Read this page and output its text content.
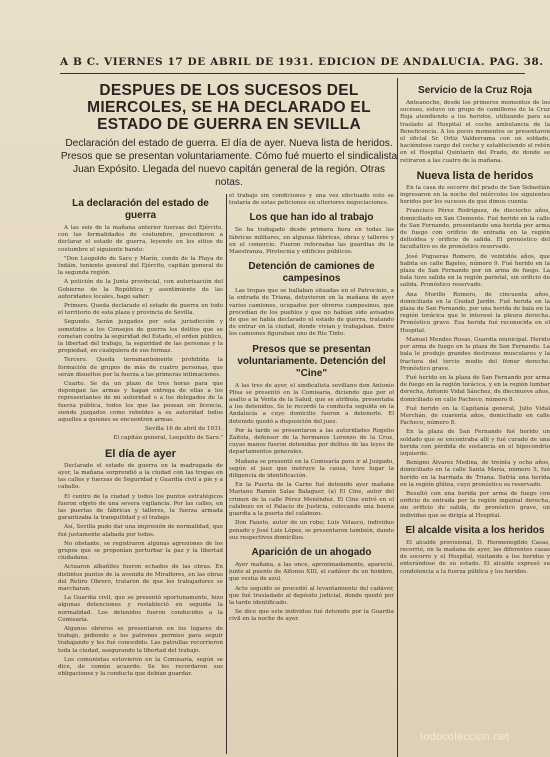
A B C. VIERNES 17 DE ABRIL DE 1931. EDICION DE ANDALUCIA. PAG. 38.
DESPUES DE LOS SUCESOS DEL MIERCOLES, SE HA DECLARADO EL ESTADO DE GUERRA EN SEVILLA
Declaración del estado de guerra. El día de ayer. Nueva lista de heridos. Presos que se presentan voluntariamente. Cómo fué muerto el sindicalista Juan Expósito. Llegada del nuevo capitán general de la región. Otras notas.
La declaración del estado de guerra

A las seis de la mañana anterior fuerzas del Ejército, con las formalidades de costumbre, procedieron a declarar el estado de guerra, leyendo en los sitios de costumbre el siguiente bando:

"Don Leopoldo de Saro y Marín, conde de la Playa de Ixdáin, teniente general del Ejército, capitán general de la segunda región.

A petición de la Junta provincial, con autorización del Gobierno de la República y asentimiento de las autoridades locales, hago saber:

Primero. Queda declarado el estado de guerra en todo el territorio de esta plaza y provincia de Sevilla.

Segundo. Serán juzgados por esta jurisdicción y sometidos a los Consejos de guerra los delitos que se cometan contra la seguridad del Estado, el orden público, la libertad del trabajo, la seguridad de las personas y la propiedad, en cualquiera de sus formas.

Tercero. Queda terminantemente prohibida la formación de grupos de más de cuatro personas, que serán disueltos por la fuerza a las primeras intimaciones.

Cuarto. Se da un plazo de tres horas para que depongan las armas y hagan entrega de ellas a los representantes de mi autoridad o a los delegados de la fuerza pública, todos los que las posean sin licencia, siendo juzgados como rebeldes a su autoridad todos aquellos a quienes se encuentren armas.

Sevilla 16 de abril de 1931.

El capitán general, Leopoldo de Saro."

El día de ayer

Declarado el estado de guerra en la madrugada de ayer, la mañana sorprendió a la ciudad con las tropas en las calles y fuerzas de Seguridad y Guardia civil a pie y a caballo.

El centro de la ciudad y todos los puntos estratégicos fueron objeto de una severa vigilancia. Por las calles, en las puertas de fábricas y talleres, la fuerza armada garantizaba la tranquilidad y el trabajo.

Así, Sevilla pudo dar una impresión de normalidad, que fué justamente alabada por todos.

No obstante, se registraron algunas agresiones de los grupos que se proponían perturbar la paz y la libertad ciudadana.

Actuaron albañiles fueron echados de las obras. En distintos puntos de la avenida de Miraflores, en las obras del Retiro Obrero, trataron de que los trabajadores se marcharan.

La Guardia civil, que se presentó oportunamente, hizo algunas detenciones y restableció en seguida la normalidad. Los detenidos fueron conducidos a la Comisaría.

Algunos obreros se presentaron en los lugares de trabajo, pidiendo a los patronos permiso para seguir trabajando y les fué concedido. Las patrullas recorrieron toda la ciudad, asegurando la libertad del trabajo.

Los comunistas estuvieron en la Comisaría, según se dice, de común acuerdo. Se les recordaron sus obligaciones y la conducta que debían guardar.

el trabajo sin condiciones y una vez efectuado esto se trataría de estas peticiones en ulteriores negociaciones.

Los que han ido al trabajo

Se ha trabajado desde primera hora en todas las fábricas militares, en algunas fábricas, obras y talleres y en el comercio. Fueron reforzadas las guardias de la Maestranza, Pirotecnia y edificios públicos.

Detención de camiones de campesinos

Las tropas que se hallaban situadas en el Patrocinio, a la entrada de Triana, detuvieron en la mañana de ayer varios camiones, ocupados por obreros campesinos, que procedían de los pueblos y que no habían sido avisados de que se había declarado el estado de guerra, tratando de entrar en la ciudad, donde vivían y trabajaban. Entre los camiones figuraban uno de Río Tinto.

Presos que se presentan voluntariamente. Detención del "Cine"

A las tres de ayer, el sindicalista sevillano don Antonio Plisa se presentó en la Comisaría, diciendo que por el asalto a la Venta de la Salud, que se atribuía, presentaba a los detenidos. Se le recordó la conducta seguida en la Andalucía a cuyo domicilio fueron a detenerle. El detenido quedó a disposición del juez.

Por la tarde se presentaron a las autoridades Rogelio Zaitola, defensor de la hermanos Lorenzo de la Cruz, cuyas manos fueron detenidas por delitos de las leyes de departamentos generales.

Mañana se presentó en la Comisaría para ir al Juzgado, según el juez que instruye la causa, tuvo lugar la diligencia de identificación.

En la Puerta de la Carne fué detenido ayer mañana Mariano Ramón Salas Balaguer, (a) El Cine, autor del crimen de la calle Pérez Menéndez. El Cine entró en el calabozo en el Palacio de Justicia, colocando una buena guardia a la puerta del calabozo.

Don Fausto, autor de un robo; Luis Velasco, individuo penado y José Luis López, se presentaron también, dando sus respectivos domicilios.

Aparición de un ahogado

Ayer mañana, a las once, aproximadamente, apareció, junto al puente de Alfonso XIII, el cadáver de un hombre, que vestía de azul.

Acto seguido se procedió al levantamiento del cadáver, que fué trasladado al depósito judicial, donde quedó por la tarde identificado.

Se dice que este individuo fué detenido por la Guardia civil en la noche de ayer.

Servicio de la Cruz Roja

Anteanoche, desde los primeros momentos de los sucesos, estuvo un grupo de camilleros de la Cruz Roja atendiendo a los heridos, utilizando para su traslado al Hospital el coche ambulancia de la Beneficencia. A los pocos momentos se presentaron el oficial Sr. Ortiz Valderrama con un soldado, haciéndose cargo del coche y estableciendo el retén en el Hospital Quintarín del Prado, de donde se retiraron a las cuatro de la mañana.

Nueva lista de heridos

En la casa de socorro del prado de San Sebastián ingresaron en la noche del miércoles los siguientes heridos por los sucesos de que dimos cuenta:

Francisco Pérez Rodríguez, de dieciocho años, domiciliado en San Clemente. Fué herido en la calle de San Fernando, presentando una herida por arma de fuego con orificio de entrada en la región deltoidea y orificio de salida. El pronóstico del facultativo es de pronóstico reservado.

José Pugueras Romero, de veintidós años, que habita en calle Bajeles, número 9. Fué herido en la plaza de San Fernando por un arma de fuego. La bala tuvo salida en la región parietal, sin orificio de salida. Pronóstico reservado.

Ana Morillo Romero, de cincuenta años, domiciliada en la Ciudad Jardín. Fué herida en la plaza de San Fernando, por una herida de bala en la región torácica que le interesó la pleura derecha. Pronóstico grave. Esa herida fué reconocida en el Hospital.

Manuel Mendes Rosas, Guardia municipal. Herido por arma de fuego en la plaza de San Fernando. La bala le produjo grandes destrozos musculares y la fractura del tercio medio del fémur derecho. Pronóstico grave.

Fué herido en la plaza de San Fernando por arma de fuego en la región torácica, y en la región lumbar derecha, Antonio Vidal Sánchez, de diecinueve años, domiciliado en calle Pacheco, número 8.

Fué herido en la Capitanía general, Julio Vidal Merchán, de cuarenta años, domiciliado en calle Pacheco, número 8.

En la plaza de San Fernando fué herido un soldado que se encontraba allí y fué curado de una herida con pérdida de sustancia en el hipocondrio izquierdo.

Benigno Álvarez Medina, de treinta y ocho años, domiciliado en la calle Santa María, número 5, fué herido en la barriada de Triana. Sufría una herida en la región glútea, cuyo pronóstico es reservado.

Resultó con una herida por arma de fuego con orificio de entrada por la región inguinal derecha, sin orificio de salida, de pronóstico grave, un individuo que se dirigía al Hospital.

El alcalde visita a los heridos

El alcalde provisional, D. Hermenegildo Casas, recorrió, en la mañana de ayer, las diferentes casas de socorro y el Hospital, visitando a los heridos y enterándose de su estado. El alcalde expresó su condolencia a la fuerza pública y los heridos.

todocoleccion.net
